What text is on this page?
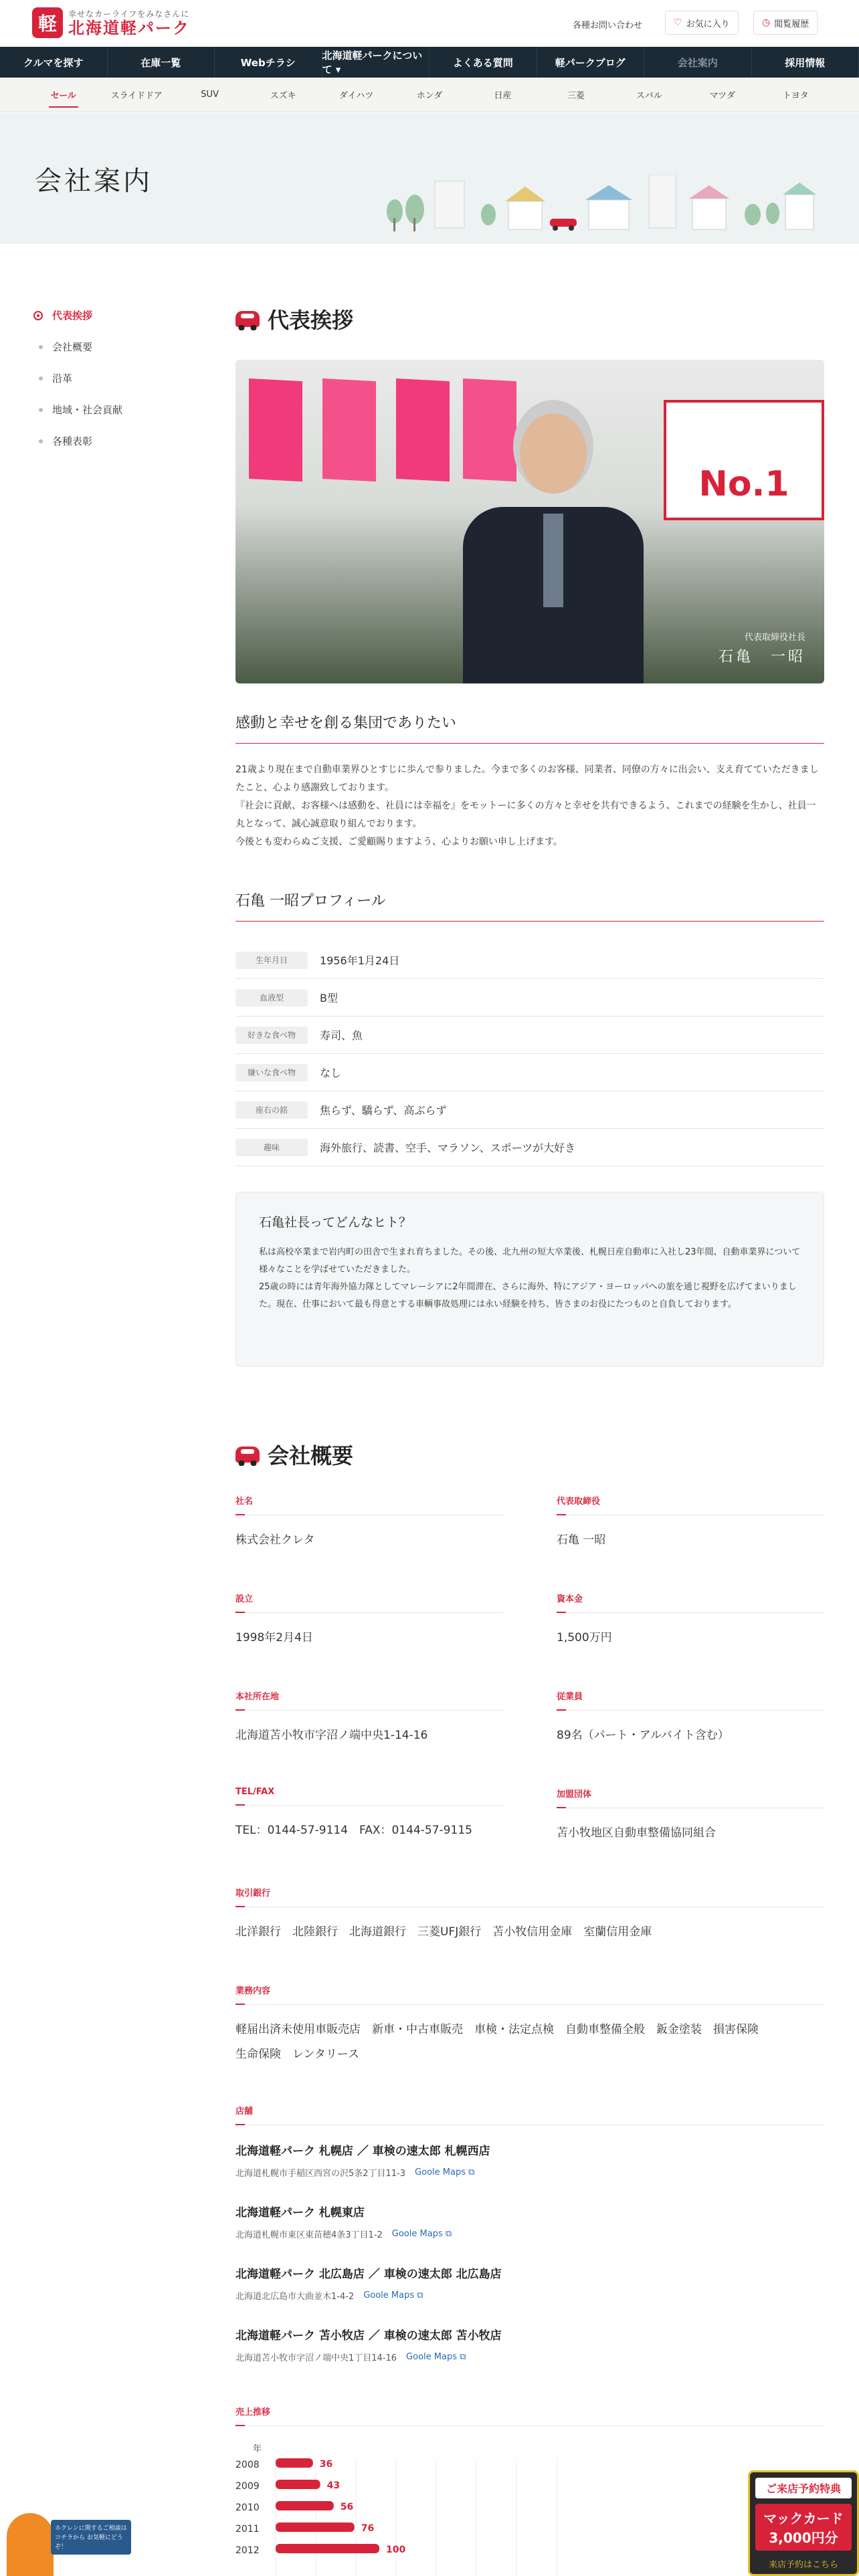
軽	幸せなカーライフをみなさんに
北海道軽パーク	各種お問い合わせ	♡ お気に入り	◷ 閲覧履歴
クルマを探す	在庫一覧	Webチラシ
北海道軽パークについて ▾
よくある質問	軽パークブログ	会社案内	採用情報
セール	スライドドア	SUV	スズキ	ダイハツ	ホンダ	日産	三菱	スバル	マツダ	トヨタ
会社案内
代表挨拶
会社概要
沿革
地域・社会貢献
各種表彰
代表挨拶
No.1
代表取締役社長
石亀　一昭
感動と幸せを創る集団でありたい

21歳より現在まで自動車業界ひとすじに歩んで参りました。今まで多くのお客様、同業者、同僚の方々に出会い、支え育てていただきましたこと、心より感謝致しております。

『社会に貢献、お客様へは感動を、社員には幸福を』をモットーに多くの方々と幸せを共有できるよう、これまでの経験を生かし、社員一丸となって、誠心誠意取り組んでおります。

今後とも変わらぬご支援、ご愛顧賜りますよう、心よりお願い申し上げます。

石亀 一昭プロフィール
生年月日	1956年1月24日
血液型	B型
好きな食べ物	寿司、魚
嫌いな食べ物	なし
座右の銘	焦らず、驕らず、高ぶらず
趣味	海外旅行、読書、空手、マラソン、スポーツが大好き
石亀社長ってどんなヒト？

私は高校卒業まで岩内町の田舎で生まれ育ちました。その後、北九州の短大卒業後、札幌日産自動車に入社し23年間、自動車業界について様々なことを学ばせていただきました。

25歳の時には青年海外協力隊としてマレーシアに2年間滞在、さらに海外、特にアジア・ヨーロッパへの旅を通じ視野を広げてまいりました。現在、仕事において最も得意とする車輌事故処理には永い経験を持ち、皆さまのお役にたつものと自負しております。

会社概要
社名
株式会社クレタ
代表取締役
石亀 一昭
設立
1998年2月4日
資本金
1,500万円
本社所在地
北海道苫小牧市字沼ノ端中央1-14-16
従業員
89名（パート・アルバイト含む）
TEL/FAX
TEL：0144-57-9114　FAX：0144-57-9115
加盟団体
苫小牧地区自動車整備協同組合
取引銀行
北洋銀行　北陸銀行　北海道銀行　三菱UFJ銀行　苫小牧信用金庫　室蘭信用金庫
業務内容
軽届出済未使用車販売店　新車・中古車販売　車検・法定点検　自動車整備全般　鈑金塗装　損害保険
生命保険　レンタリース
店舗
北海道軽パーク 札幌店 ／ 車検の速太郎 札幌西店
北海道札幌市手稲区西宮の沢5条2丁目11-3 Goole Maps ⧉
北海道軽パーク 札幌東店
北海道札幌市東区東苗穂4条3丁目1-2 Goole Maps ⧉
北海道軽パーク 北広島店 ／ 車検の速太郎 北広島店
北海道北広島市大曲並木1-4-2 Goole Maps ⧉
北海道軽パーク 苫小牧店 ／ 車検の速太郎 苫小牧店
北海道苫小牧市字沼ノ端中央1丁目14-16 Goole Maps ⧉
売上推移
年
2008	36
2009	43
2010	56
2011	76
2012	100
ご来店予約特典
マックカード 3,000円分
来店予約はこちら
ホクレンに関するご相談はコチラから お気軽にどうぞ！
